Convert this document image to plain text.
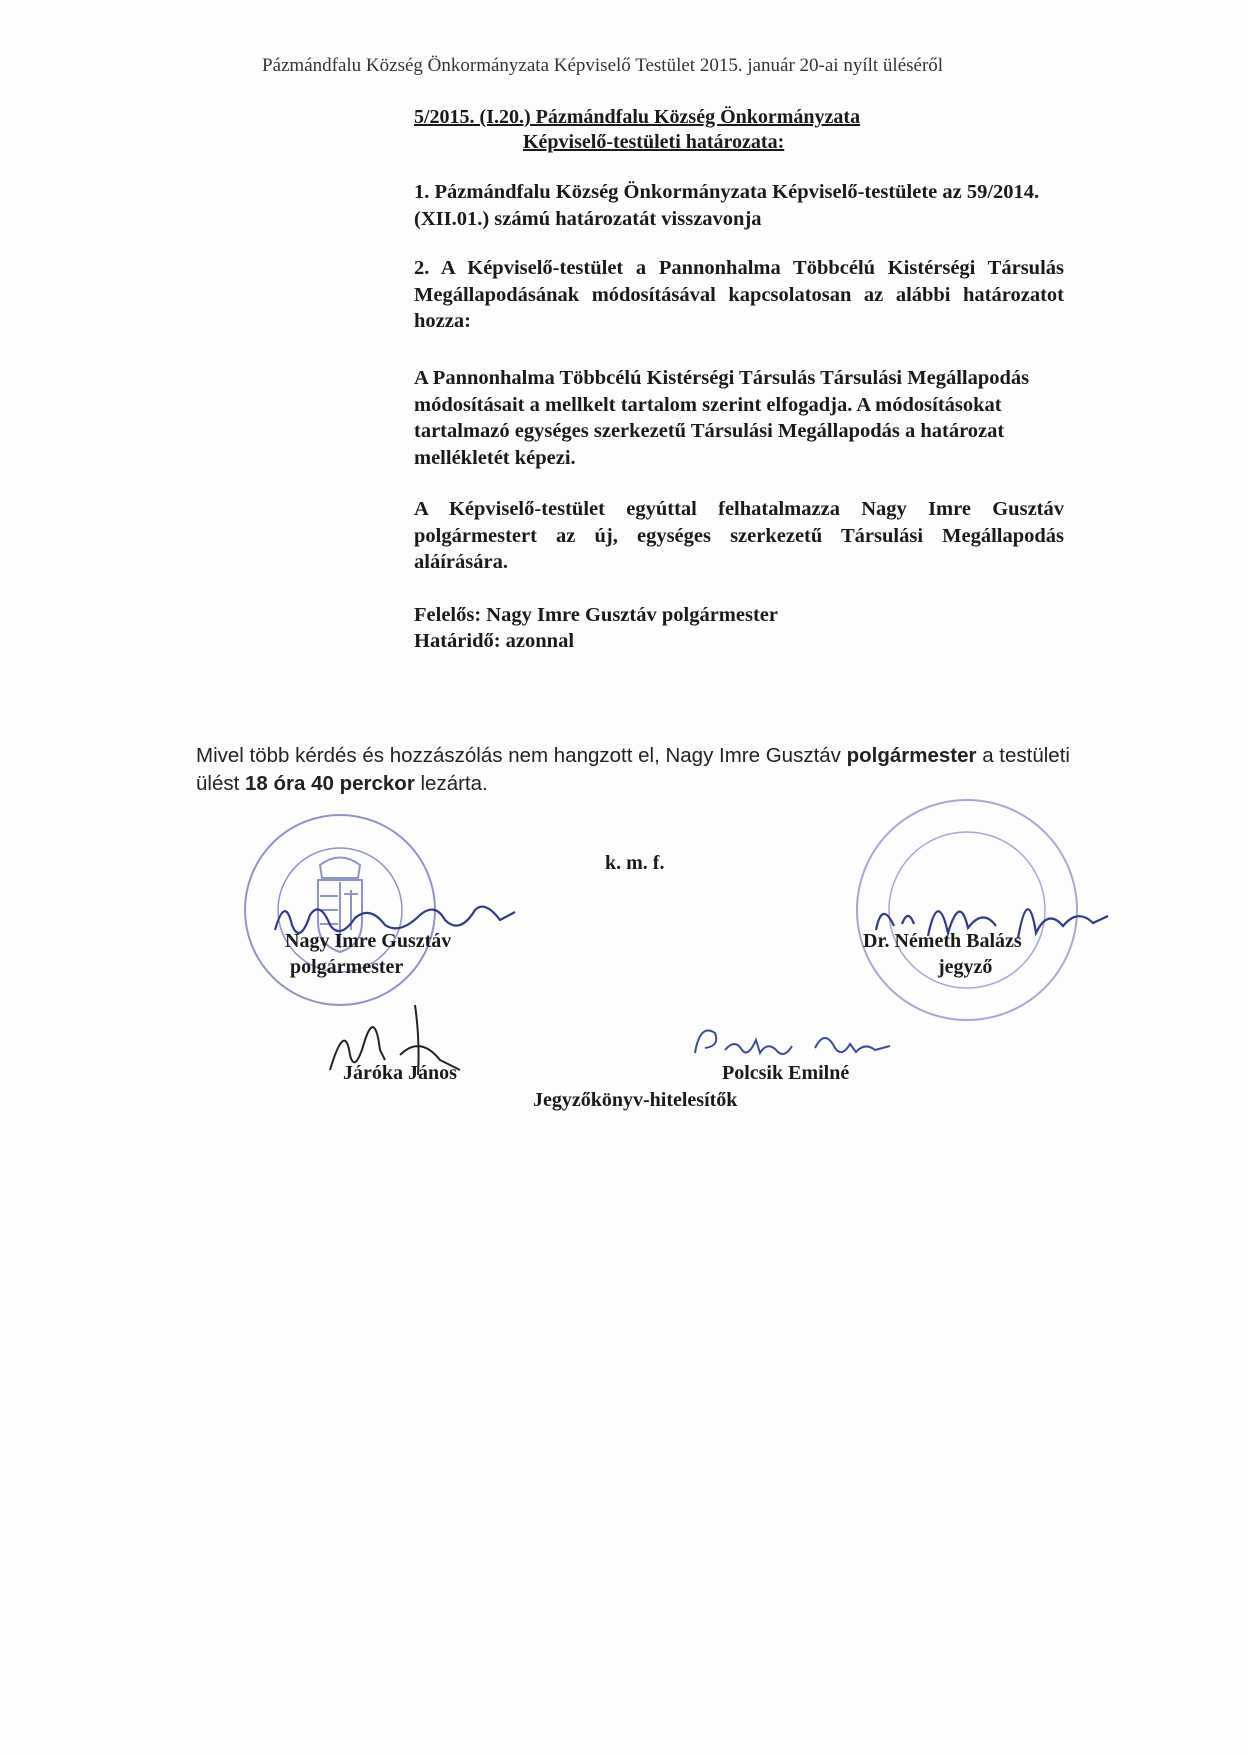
Pázmándfalu Község Önkormányzata Képviselő Testület 2015. január 20-ai nyílt üléséről
5/2015. (I.20.) Pázmándfalu Község Önkormányzata
Képviselő-testületi határozata:
1. Pázmándfalu Község Önkormányzata Képviselő-testülete az 59/2014. (XII.01.) számú határozatát visszavonja
2. A Képviselő-testület a Pannonhalma Többcélú Kistérségi Társulás Megállapodásának módosításával kapcsolatosan az alábbi határozatot hozza:
A Pannonhalma Többcélú Kistérségi Társulás Társulási Megállapodás módosításait a mellkelt tartalom szerint elfogadja. A módosításokat tartalmazó egységes szerkezetű Társulási Megállapodás a határozat mellékletét képezi.
A Képviselő-testület egyúttal felhatalmazza Nagy Imre Gusztáv polgármestert az új, egységes szerkezetű Társulási Megállapodás aláírására.
Felelős: Nagy Imre Gusztáv polgármester
Határidő: azonnal
Mivel több kérdés és hozzászólás nem hangzott el, Nagy Imre Gusztáv polgármester a testületi ülést 18 óra 40 perckor lezárta.
k. m. f.
Nagy Imre Gusztáv
polgármester
Dr. Németh Balázs
jegyző
Járóka János	Polcsik Emilné
Jegyzőkönyv-hitelesítők
